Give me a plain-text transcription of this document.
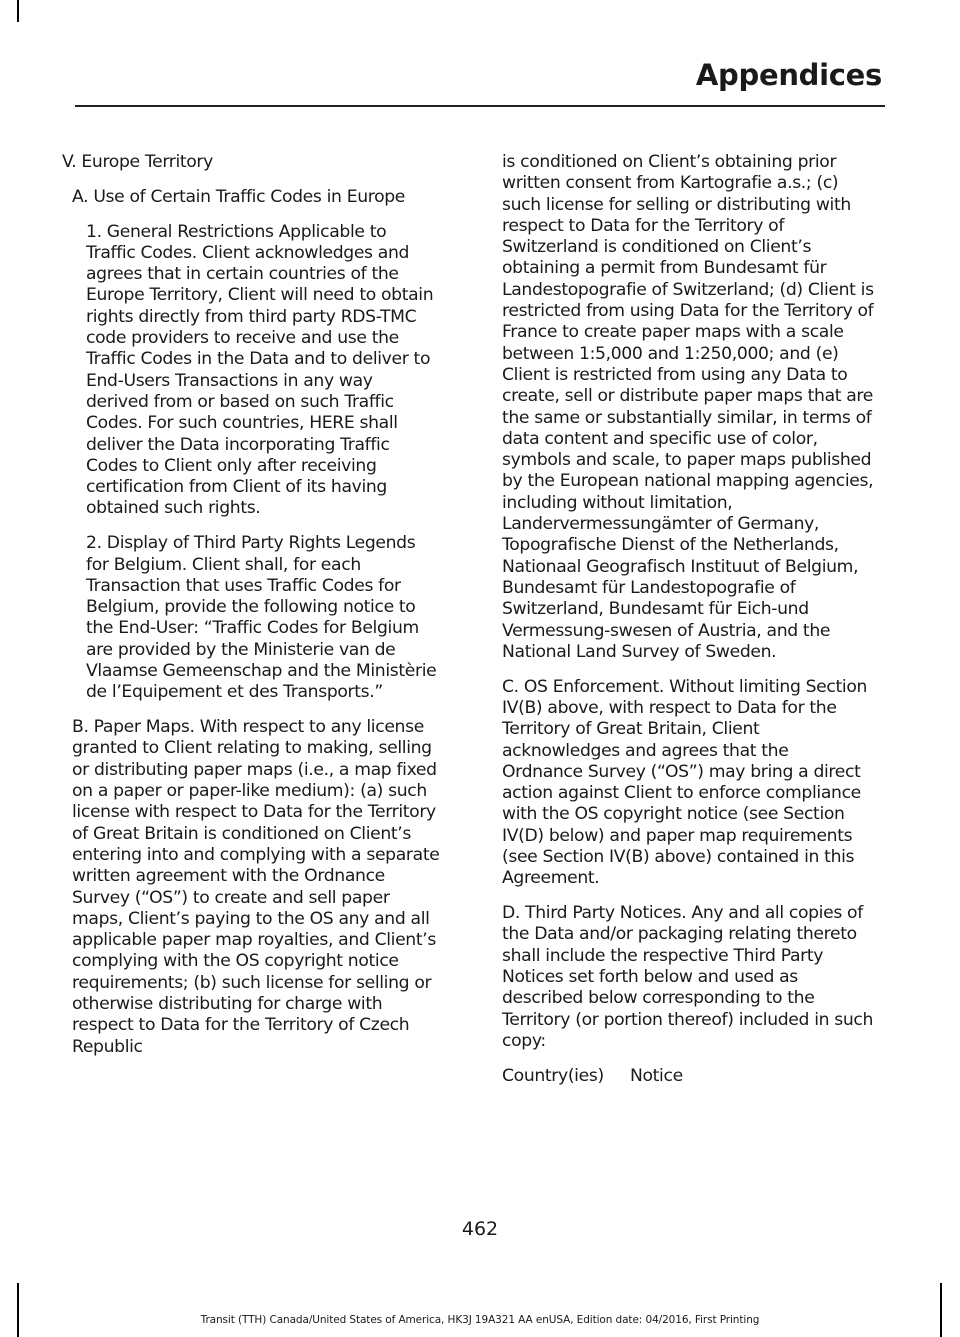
Appendices

V. Europe Territory

A. Use of Certain Traffic Codes in Europe

1. General Restrictions Applicable to Traffic Codes. Client acknowledges and agrees that in certain countries of the Europe Territory, Client will need to obtain rights directly from third party RDS-TMC code providers to receive and use the Traffic Codes in the Data and to deliver to End-Users Transactions in any way derived from or based on such Traffic Codes. For such countries, HERE shall deliver the Data incorporating Traffic Codes to Client only after receiving certification from Client of its having obtained such rights.

2. Display of Third Party Rights Legends for Belgium. Client shall, for each Transaction that uses Traffic Codes for Belgium, provide the following notice to the End-User: “Traffic Codes for Belgium are provided by the Ministerie van de Vlaamse Gemeenschap and the Ministèrie de l’Equipement et des Transports.”

B. Paper Maps. With respect to any license granted to Client relating to making, selling or distributing paper maps (i.e., a map fixed on a paper or paper-like medium): (a) such license with respect to Data for the Territory of Great Britain is conditioned on Client’s entering into and complying with a separate written agreement with the Ordnance Survey (“OS”) to create and sell paper maps, Client’s paying to the OS any and all applicable paper map royalties, and Client’s complying with the OS copyright notice requirements; (b) such license for selling or otherwise distributing for charge with respect to Data for the Territory of Czech Republic

is conditioned on Client’s obtaining prior written consent from Kartografie a.s.; (c) such license for selling or distributing with respect to Data for the Territory of Switzerland is conditioned on Client’s obtaining a permit from Bundesamt für Landestopografie of Switzerland; (d) Client is restricted from using Data for the Territory of France to create paper maps with a scale between 1:5,000 and 1:250,000; and (e) Client is restricted from using any Data to create, sell or distribute paper maps that are the same or substantially similar, in terms of data content and specific use of color, symbols and scale, to paper maps published by the European national mapping agencies, including without limitation, Landervermessungämter of Germany, Topografische Dienst of the Netherlands, Nationaal Geografisch Instituut of Belgium, Bundesamt für Landestopografie of Switzerland, Bundesamt für Eich-und Vermessung-swesen of Austria, and the National Land Survey of Sweden.

C. OS Enforcement. Without limiting Section IV(B) above, with respect to Data for the Territory of Great Britain, Client acknowledges and agrees that the Ordnance Survey (“OS”) may bring a direct action against Client to enforce compliance with the OS copyright notice (see Section IV(D) below) and paper map requirements (see Section IV(B) above) contained in this Agreement.

D. Third Party Notices. Any and all copies of the Data and/or packaging relating thereto shall include the respective Third Party Notices set forth below and used as described below corresponding to the Territory (or portion thereof) included in such copy:

Country(ies)	Notice
462
Transit (TTH) Canada/United States of America, HK3J 19A321 AA enUSA, Edition date: 04/2016, First Printing
